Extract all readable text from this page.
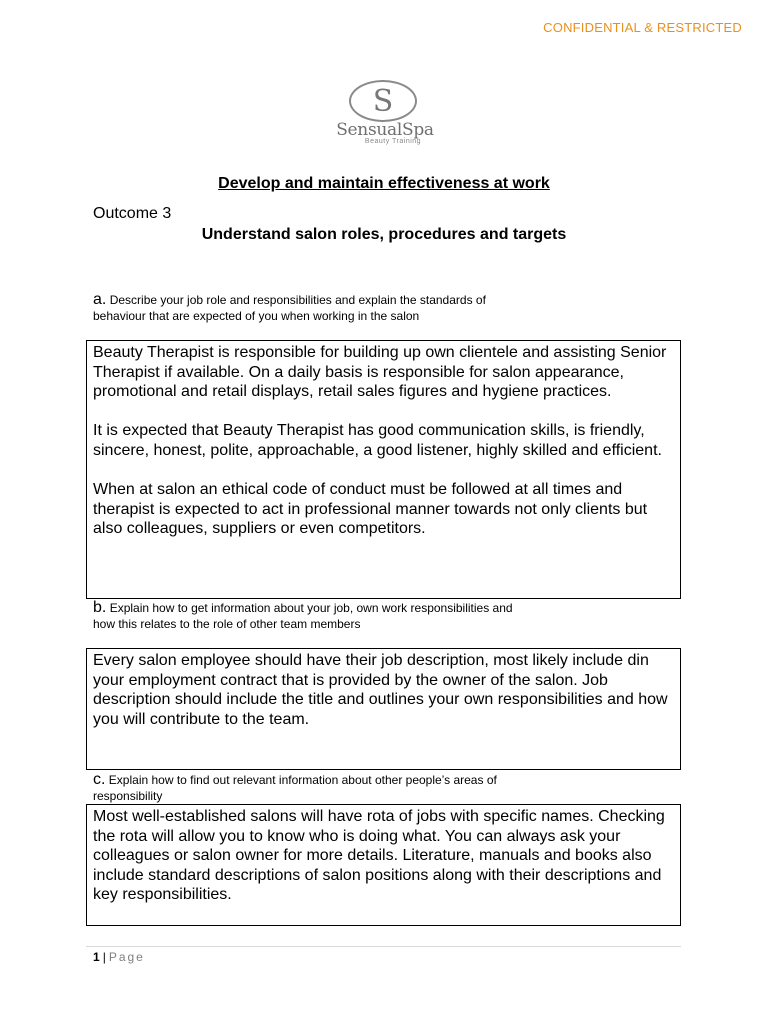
CONFIDENTIAL & RESTRICTED
S
SensualSpa
Beauty Training
Develop and maintain effectiveness at work
Outcome 3
Understand salon roles, procedures and targets
a. Describe your job role and responsibilities and explain the standards of behaviour that are expected of you when working in the salon

Beauty Therapist is responsible for building up own clientele and assisting Senior Therapist if available. On a daily basis is responsible for salon appearance, promotional and retail displays, retail sales figures and hygiene practices.

It is expected that Beauty Therapist has good communication skills, is friendly, sincere, honest, polite, approachable, a good listener, highly skilled and efficient.

When at salon an ethical code of conduct must be followed at all times and therapist is expected to act in professional manner towards not only clients but also colleagues, suppliers or even competitors.

b. Explain how to get information about your job, own work responsibilities and how this relates to the role of other team members

Every salon employee should have their job description, most likely include din your employment contract that is provided by the owner of the salon. Job description should include the title and outlines your own responsibilities and how you will contribute to the team.

c. Explain how to find out relevant information about other people’s areas of responsibility

Most well-established salons will have rota of jobs with specific names. Checking the rota will allow you to know who is doing what. You can always ask your colleagues or salon owner for more details. Literature, manuals and books also include standard descriptions of salon positions along with their descriptions and key responsibilities.

1 | Page
